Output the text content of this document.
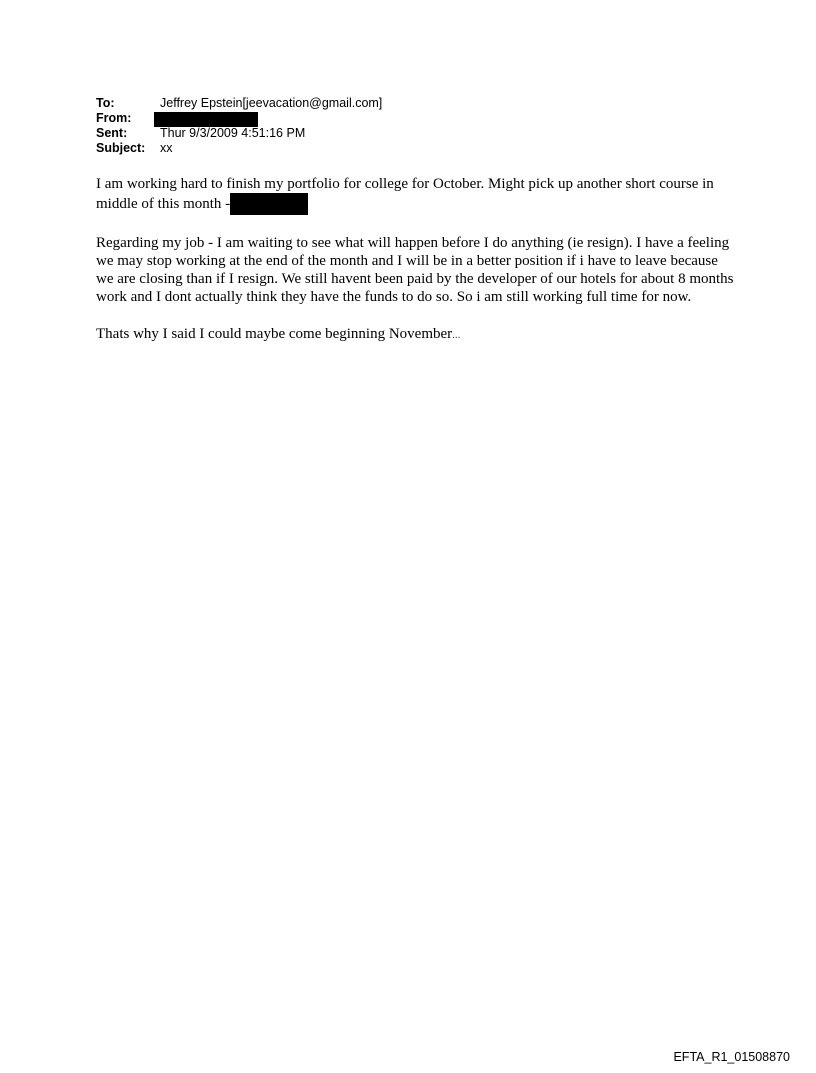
To:	Jeffrey Epstein[jeevacation@gmail.com]
From:
Sent:	Thur 9/3/2009 4:51:16 PM
Subject:	xx

I am working hard to finish my portfolio for college for October. Might pick up another short course in middle of this month -

Regarding my job - I am waiting to see what will happen before I do anything (ie resign). I have a feeling we may stop working at the end of the month and I will be in a better position if i have to leave because we are closing than if I resign. We still havent been paid by the developer of our hotels for about 8 months work and I dont actually think they have the funds to do so. So i am still working full time for now.

Thats why I said I could maybe come beginning November...

EFTA_R1_01508870
